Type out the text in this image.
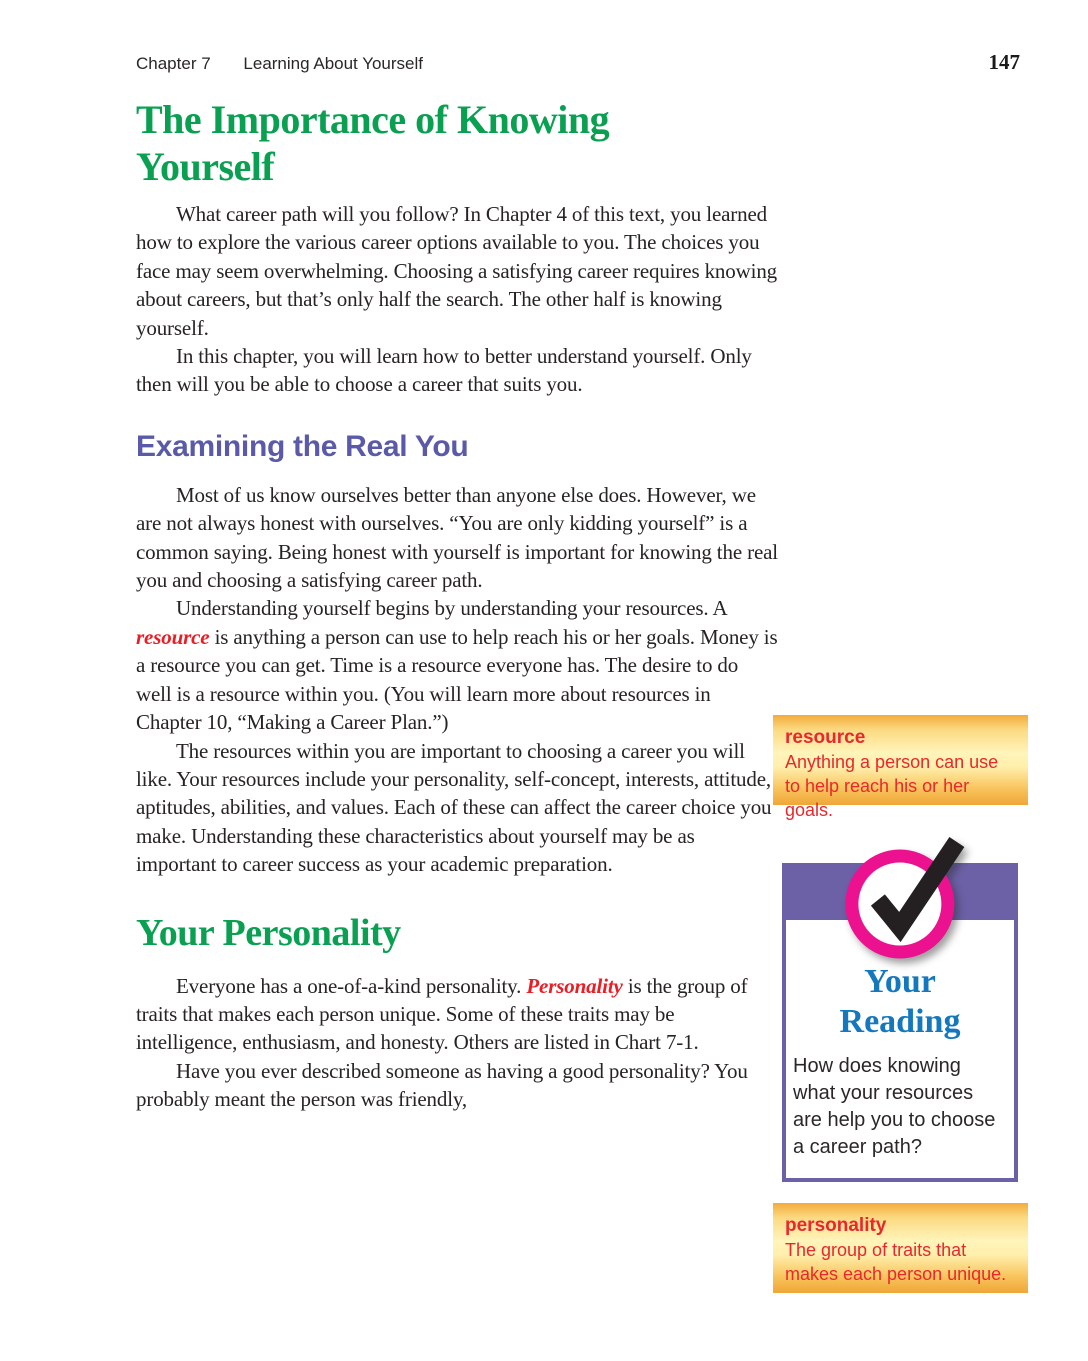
Chapter 7 Learning About Yourself	147
The Importance of Knowing
Yourself

What career path will you follow? In Chapter 4 of this text, you learned how to explore the various career options available to you. The choices you face may seem overwhelming. Choosing a satisfying career requires knowing about careers, but that’s only half the search. The other half is knowing yourself.

In this chapter, you will learn how to better understand yourself. Only then will you be able to choose a career that suits you.

Examining the Real You

Most of us know ourselves better than anyone else does. However, we are not always honest with ourselves. “You are only kidding yourself” is a common saying. Being honest with yourself is important for knowing the real you and choosing a satisfying career path.

Understanding yourself begins by understanding your resources. A resource is anything a person can use to help reach his or her goals. Money is a resource you can get. Time is a resource everyone has. The desire to do well is a resource within you. (You will learn more about resources in Chapter 10, “Making a Career Plan.”)

The resources within you are important to choosing a career you will like. Your resources include your personality, self-concept, interests, attitude, aptitudes, abilities, and values. Each of these can affect the career choice you make. Understanding these characteristics about yourself may be as important to career success as your academic preparation.

Your Personality

Everyone has a one-of-a-kind personality. Personality is the group of traits that makes each person unique. Some of these traits may be intelligence, enthusiasm, and honesty. Others are listed in Chart 7-1.

Have you ever described someone as having a good personality? You probably meant the person was friendly,

resource
Anything a person can use to help reach his or her goals.
Your
Reading

How does knowing what your resources are help you to choose a career path?

personality
The group of traits that makes each person unique.
